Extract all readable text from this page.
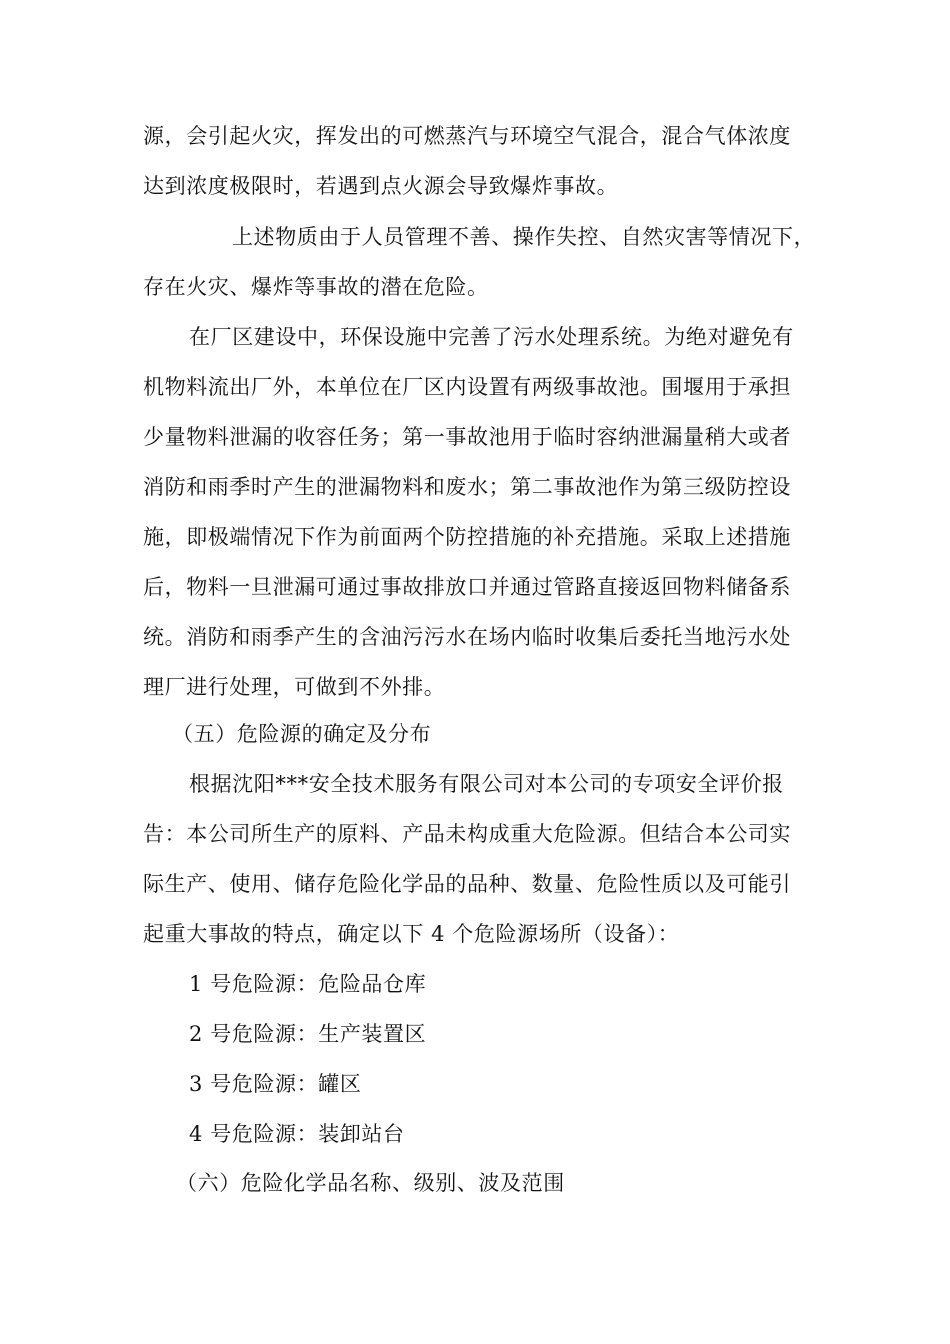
源，会引起火灾，挥发出的可燃蒸汽与环境空气混合，混合气体浓度
达到浓度极限时，若遇到点火源会导致爆炸事故。
上述物质由于人员管理不善、操作失控、自然灾害等情况下，
存在火灾、爆炸等事故的潜在危险。
在厂区建设中，环保设施中完善了污水处理系统。为绝对避免有
机物料流出厂外，本单位在厂区内设置有两级事故池。围堰用于承担
少量物料泄漏的收容任务；第一事故池用于临时容纳泄漏量稍大或者
消防和雨季时产生的泄漏物料和废水；第二事故池作为第三级防控设
施，即极端情况下作为前面两个防控措施的补充措施。采取上述措施
后，物料一旦泄漏可通过事故排放口并通过管路直接返回物料储备系
统。消防和雨季产生的含油污污水在场内临时收集后委托当地污水处
理厂进行处理，可做到不外排。
（五）危险源的确定及分布
根据沈阳***安全技术服务有限公司对本公司的专项安全评价报
告：本公司所生产的原料、产品未构成重大危险源。但结合本公司实
际生产、使用、储存危险化学品的品种、数量、危险性质以及可能引
起重大事故的特点，确定以下 4 个危险源场所（设备）：
1 号危险源：危险品仓库
2 号危险源：生产装置区
3 号危险源：罐区
4 号危险源：装卸站台
（六）危险化学品名称、级别、波及范围
